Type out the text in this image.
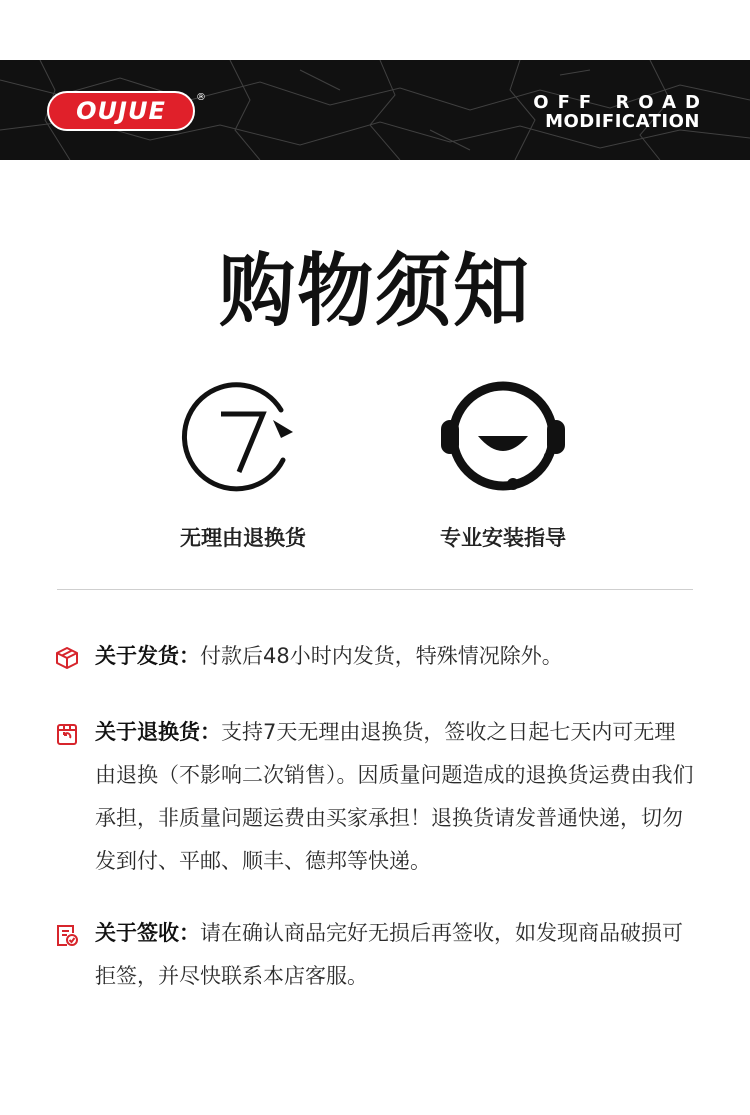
OUJUE	®	OFF ROAD
MODIFICATION
购物须知
无理由退换货	专业安装指导
关于发货：付款后48小时内发货，特殊情况除外。
关于退换货：支持7天无理由退换货，签收之日起七天内可无理由退换（不影响二次销售）。因质量问题造成的退换货运费由我们承担，非质量问题运费由买家承担！退换货请发普通快递，切勿发到付、平邮、顺丰、德邦等快递。
关于签收：请在确认商品完好无损后再签收，如发现商品破损可拒签，并尽快联系本店客服。
